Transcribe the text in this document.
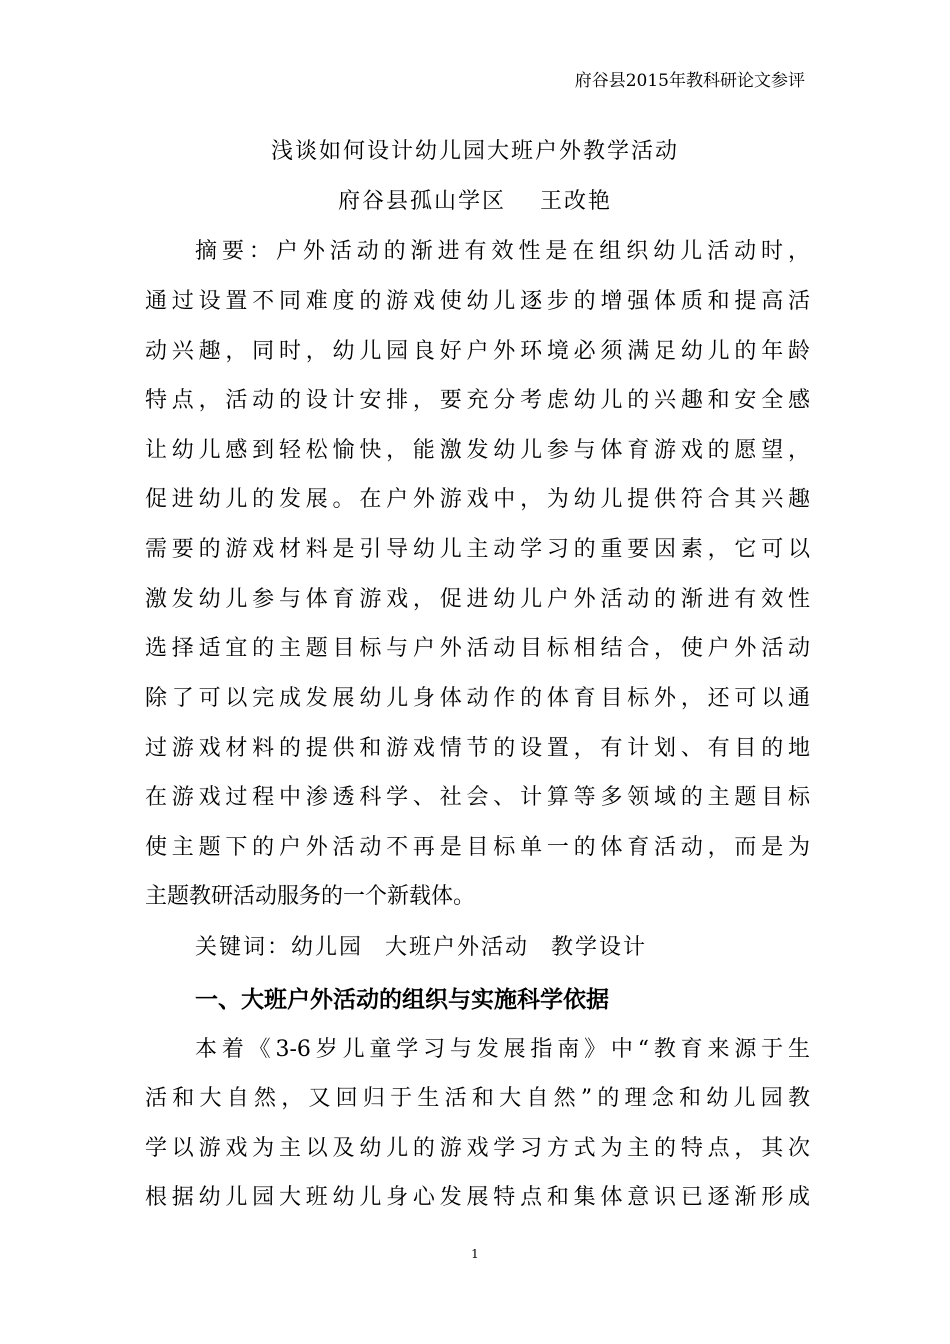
府谷县2015年教科研论文参评
浅谈如何设计幼儿园大班户外教学活动
府谷县孤山学区 王改艳
摘要：户外活动的渐进有效性是在组织幼儿活动时，
通过设置不同难度的游戏使幼儿逐步的增强体质和提高活
动兴趣，同时，幼儿园良好户外环境必须满足幼儿的年龄
特点，活动的设计安排，要充分考虑幼儿的兴趣和安全感
让幼儿感到轻松愉快，能激发幼儿参与体育游戏的愿望，
促进幼儿的发展。在户外游戏中，为幼儿提供符合其兴趣
需要的游戏材料是引导幼儿主动学习的重要因素，它可以
激发幼儿参与体育游戏，促进幼儿户外活动的渐进有效性
选择适宜的主题目标与户外活动目标相结合，使户外活动
除了可以完成发展幼儿身体动作的体育目标外，还可以通
过游戏材料的提供和游戏情节的设置，有计划、有目的地
在游戏过程中渗透科学、社会、计算等多领域的主题目标
使主题下的户外活动不再是目标单一的体育活动，而是为
主题教研活动服务的一个新载体。
关键词：幼儿园 大班户外活动 教学设计
一、大班户外活动的组织与实施科学依据
本着《3-6岁儿童学习与发展指南》中“教育来源于生
活和大自然，又回归于生活和大自然”的理念和幼儿园教
学以游戏为主以及幼儿的游戏学习方式为主的特点，其次
根据幼儿园大班幼儿身心发展特点和集体意识已逐渐形成
1
